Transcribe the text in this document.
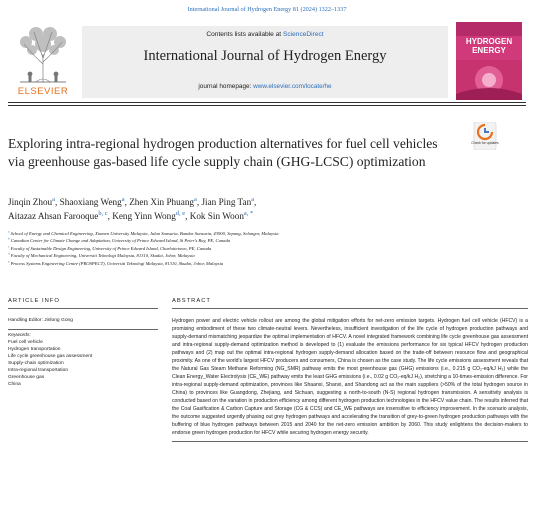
International Journal of Hydrogen Energy 81 (2024) 1322–1337
ELSEVIER
Contents lists available at ScienceDirect
International Journal of Hydrogen Energy
journal homepage: www.elsevier.com/locate/he
HYDROGEN ENERGY
Exploring intra-regional hydrogen production alternatives for fuel cell vehicles via greenhouse gas-based life cycle supply chain (GHG-LCSC) optimization
Check for updates
Jinqin Zhou$^a$, Shaoxiang Weng$^a$, Zhen Xin Phuang$^a$, Jian Ping Tan$^a$,
Aitazaz Ahsan Farooque$^{b, c}$, Keng Yinn Wong$^{d, e}$, Kok Sin Woon$^{a, *}$
$^a$ School of Energy and Chemical Engineering, Xiamen University Malaysia, Jalan Sunsuria, Bandar Sunsuria, 43900, Sepang, Selangor, Malaysia
$^b$ Canadian Center for Climate Change and Adaptation, University of Prince Edward Island, St Peter’s Bay, PE, Canada
$^c$ Faculty of Sustainable Design Engineering, University of Prince Edward Island, Charlottetown, PE, Canada
$^d$ Faculty of Mechanical Engineering, Universiti Teknologi Malaysia, 81310, Skudai, Johor, Malaysia
$^e$ Process Systems Engineering Centre (PROSPECT), Universiti Teknologi Malaysia, 81310, Skudai, Johor, Malaysia
ARTICLE INFO
Handling Editor: Jinlong Gong
Keywords:
Fuel cell vehicle
Hydrogen transportation
Life cycle greenhouse gas assessment
Supply-chain optimization
Intra-regional transportation
Greenhouse gas
China
ABSTRACT
Hydrogen power and electric vehicle rollout are among the global mitigation efforts for net-zero emission targets. Hydrogen fuel cell vehicle (HFCV) is a promising embodiment of these two climate-neutral levers. Nevertheless, insufficient investigation of the life cycle of hydrogen production pathways and supply-demand mismatching jeopardize the optimal implementation of HFCV. A novel integrated framework combining life cycle greenhouse gas assessment and intra-regional supply-demand optimization method is developed to (1) evaluate the emissions performance for six typical HFCV hydrogen production pathways and (2) map out the optimal intra-regional hydrogen supply-demand allocation based on the trade-off between resource flow and geographical proximity. As one of the world’s largest HFCV producers and consumers, China is chosen as the case study. The life cycle emissions assessment reveals that the Natural Gas Steam Methane Reforming (NG_SMR) pathway emits the most greenhouse gas (GHG) emissions (i.e., 0.215 g CO₂-eq/kJ H₂) while the Clean Energy_Water Electrolysis (CE_WE) pathway emits the least GHG emissions (i.e., 0.02 g CO₂-eq/kJ H₂), stretching a 10-times-emission difference. For intra-regional supply-demand optimization, provinces like Shaanxi, Shanxi, and Shandong act as the main suppliers (>50% of the total hydrogen source in China) to provinces like Guangdong, Zhejiang, and Sichuan, suggesting a north-to-south (N-S) regional hydrogen transmission. A sensitivity analysis is conducted based on the variation in production efficiency among different hydrogen production technologies in the HFCV value chain. The results inferred that the Coal Gasification & Carbon Capture and Storage (CG & CCS) and CE_WE pathways are insensitive to efficiency improvement. In the scenario analysis, the outcome suggested urgently phasing out grey hydrogen pathways and accelerating the transition of grey-to-green hydrogen production pathways with the buffering of blue hydrogen pathways between 2015 and 2040 for the net-zero emission ambition by 2060. This study enlightens the decision-makers to endorse green hydrogen production for HFCV while securing hydrogen energy security.
